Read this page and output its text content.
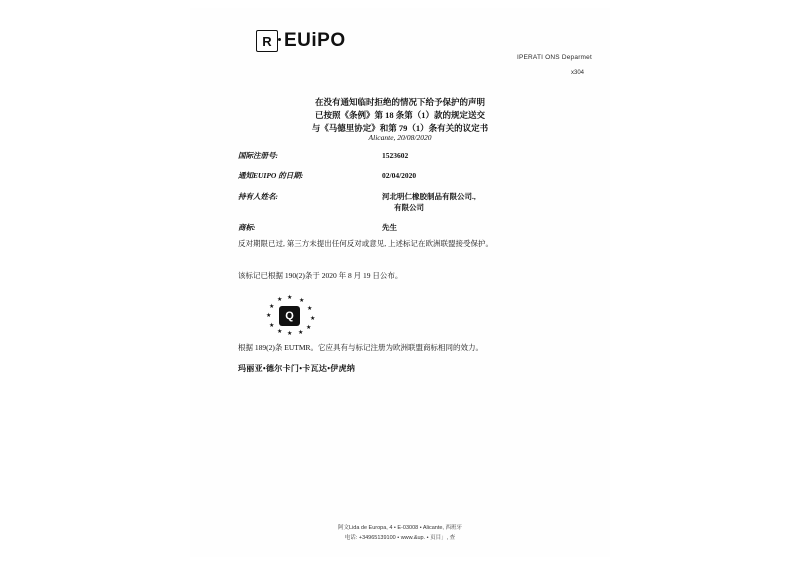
R EUiPO
IPERATI ONS Deparmet
x304
在没有通知临时拒绝的情况下给予保护的声明
已按照《条例》第 18 条第（1）款的规定送交
与《马德里协定》和第 79（1）条有关的议定书
Alicante, 20/08/2020
国际注册号:	1523602
通知EUIPO 的日期:	02/04/2020
持有人姓名:	河北明仁橡胶制品有限公司.,
有限公司
商标:	先生
反对期限已过, 第三方未提出任何反对或意见, 上述标记在欧洲联盟接受保护。
该标记已根据 190(2)条于 2020 年 8 月 19 日公布。
★ ★
★
★
★
★
★
★
★
★
★
★
Q
根据 189(2)条 EUTMR。它应具有与标记注册为欧洲联盟商标相同的效力。
玛丽亚•德尔卡门•卡瓦达•伊虎纳
阿文Lida de Europa, 4 • E-03008 • Alicante, 西班牙
电话: +34965139100 • www.&up. • 页目」, 查
